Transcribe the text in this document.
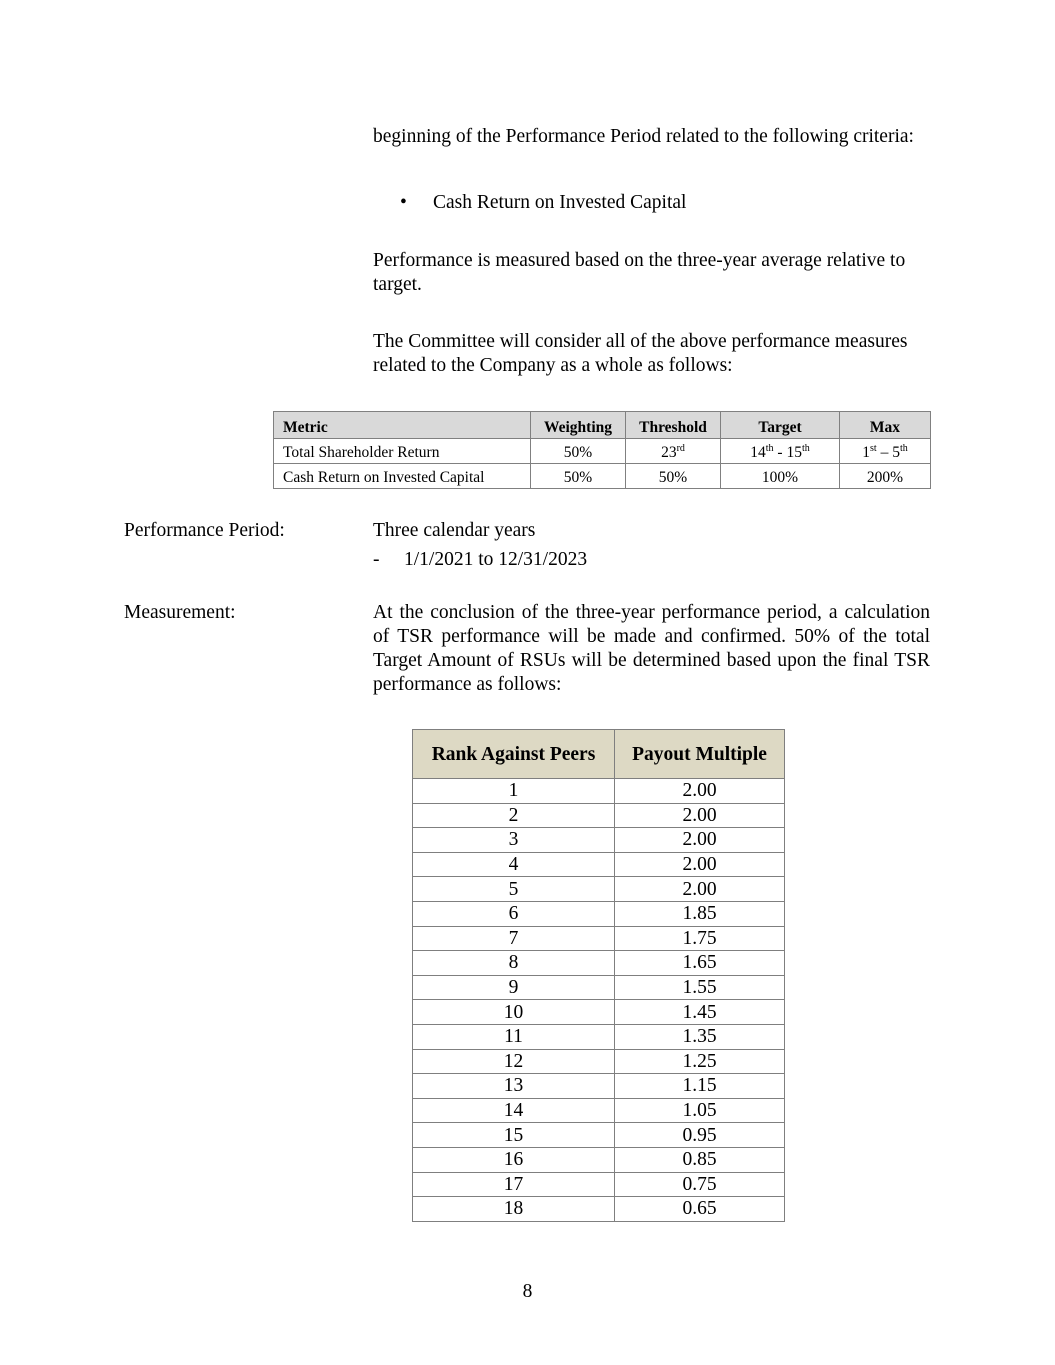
beginning of the Performance Period related to the following criteria:
• Cash Return on Invested Capital
Performance is measured based on the three-year average relative to target.
The Committee will consider all of the above performance measures related to the Company as a whole as follows:
Metric	Weighting	Threshold	Target	Max
Total Shareholder Return	50%	23rd	14th - 15th	1st – 5th
Cash Return on Invested Capital	50%	50%	100%	200%
Performance Period:	Three calendar years
- 1/1/2021 to 12/31/2023
Measurement:	At the conclusion of the three-year performance period, a calculation of TSR performance will be made and confirmed. 50% of the total Target Amount of RSUs will be determined based upon the final TSR performance as follows:
Rank Against Peers	Payout Multiple
1	2.00
2	2.00
3	2.00
4	2.00
5	2.00
6	1.85
7	1.75
8	1.65
9	1.55
10	1.45
11	1.35
12	1.25
13	1.15
14	1.05
15	0.95
16	0.85
17	0.75
18	0.65
8
